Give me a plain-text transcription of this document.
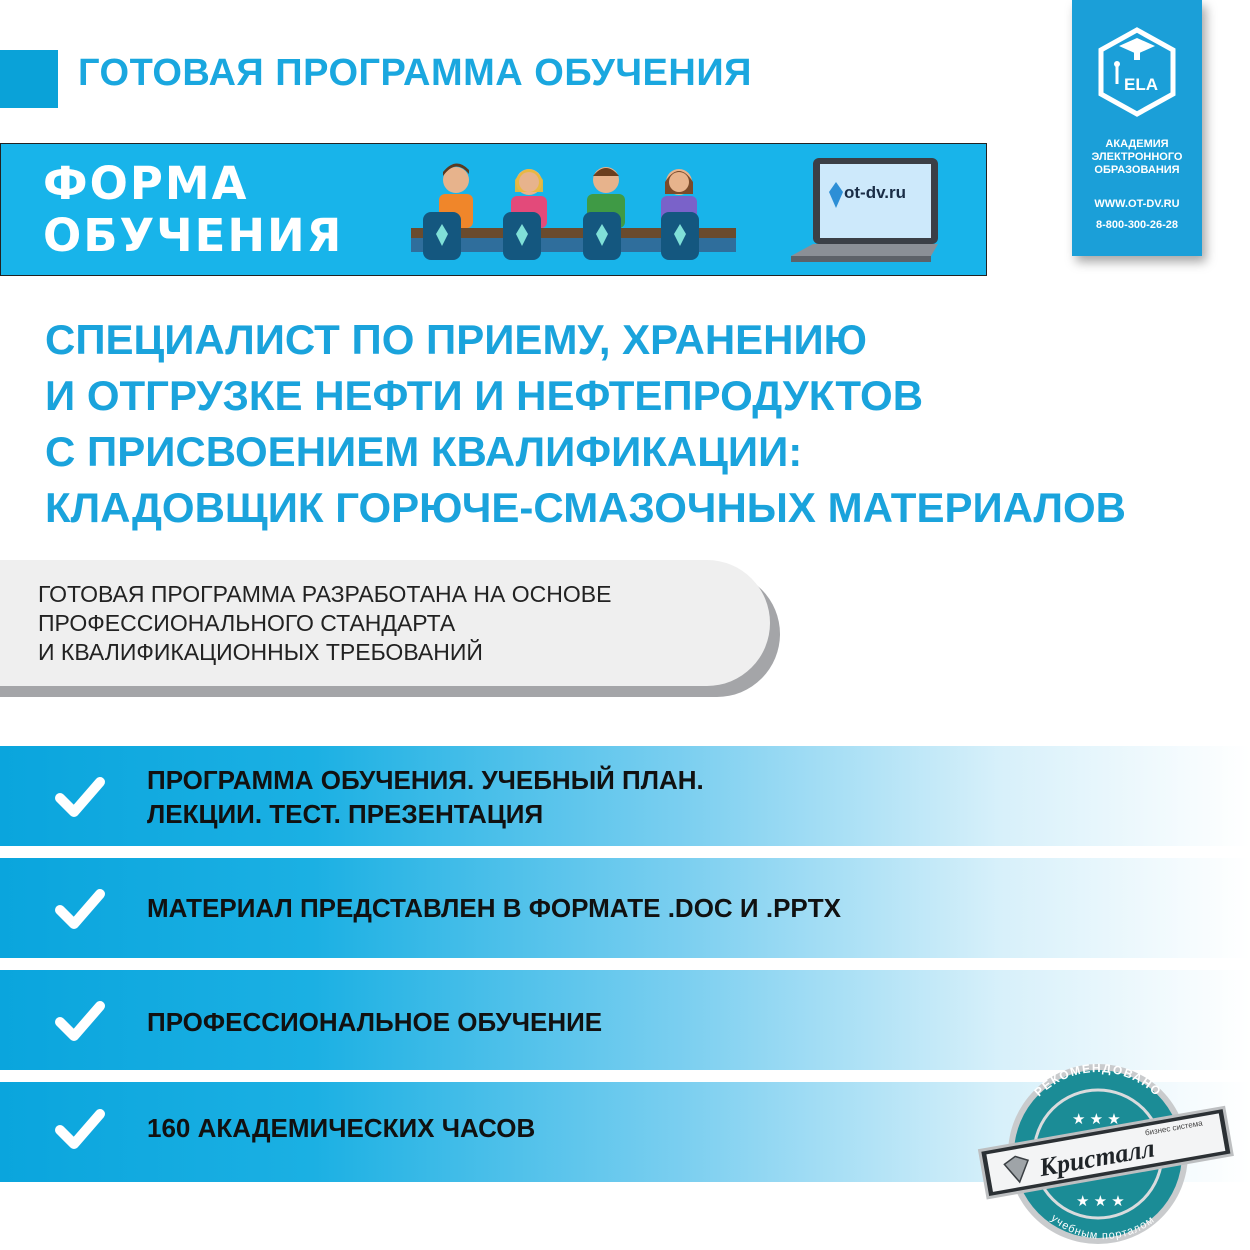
ГОТОВАЯ ПРОГРАММА ОБУЧЕНИЯ	ELA
АКАДЕМИЯ
ЭЛЕКТРОННОГО
ОБРАЗОВАНИЯ
WWW.OT-DV.RU
8-800-300-26-28
ФОРМА
ОБУЧЕНИЯ
ot-dv.ru
СПЕЦИАЛИСТ ПО ПРИЕМУ, ХРАНЕНИЮ
И ОТГРУЗКЕ НЕФТИ И НЕФТЕПРОДУКТОВ
С ПРИСВОЕНИЕМ КВАЛИФИКАЦИИ:
КЛАДОВЩИК ГОРЮЧЕ-СМАЗОЧНЫХ МАТЕРИАЛОВ
ГОТОВАЯ ПРОГРАММА РАЗРАБОТАНА НА ОСНОВЕ
ПРОФЕССИОНАЛЬНОГО СТАНДАРТА
И КВАЛИФИКАЦИОННЫХ ТРЕБОВАНИЙ
ПРОГРАММА ОБУЧЕНИЯ. УЧЕБНЫЙ ПЛАН.
ЛЕКЦИИ. ТЕСТ. ПРЕЗЕНТАЦИЯ
МАТЕРИАЛ ПРЕДСТАВЛЕН В ФОРМАТЕ .DOC И .PPTX
ПРОФЕССИОНАЛЬНОЕ ОБУЧЕНИЕ
160 АКАДЕМИЧЕСКИХ ЧАСОВ
РЕКОМЕНДОВАНО
учебным порталом
★ ★ ★
★ ★ ★
Кристалл
бизнес система
